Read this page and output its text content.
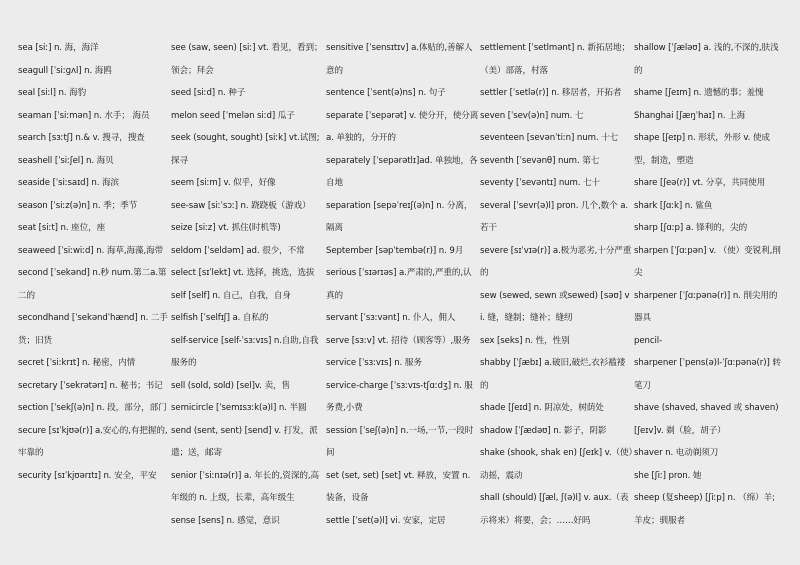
sea [siː] n. 海，海洋

seagull [ˈsiːgʌl] n. 海鸥

seal [siːl] n. 海豹

seaman [ˈsiːmən] n. 水手； 海员

search [sɜːtʃ] n.& v. 搜寻，搜查

seashell [ˈsiːʃel] n. 海贝

seaside [ˈsiːsaɪd] n. 海滨

season [ˈsiːz(ə)n] n. 季；季节

seat [siːt] n. 座位，座

seaweed [ˈsiːwiːd] n. 海草,海藻,海带

second [ˈsekənd] n.秒 num.第二a.第二的

secondhand [ˈsekəndˈhænd] n. 二手货；旧货

secret [ˈsiːkrɪt] n. 秘密，内情

secretary [ˈsekrətərɪ] n. 秘书；书记

section [ˈsekʃ(ə)n] n. 段，部分，部门

secure [sɪˈkjʊə(r)] a.安心的,有把握的,牢靠的

security [sɪˈkjʊərɪtɪ] n. 安全，平安

see (saw, seen) [siː] vt. 看见，看到；领会；拜会

seed [siːd] n. 种子

melon seed [ˈmelən siːd] 瓜子

seek (sought, sought) [siːk] vt.试图; 探寻

seem [siːm] v. 似乎，好像

see-saw [siːˈsɔː] n. 跷跷板（游戏）

seize [siːz] vt. 抓住(时机等)

seldom [ˈseldəm] ad. 很少，不常

select [sɪˈlekt] vt. 选择，挑选，选拔

self [self] n. 自己，自我，自身

selfish [ˈselfɪʃ] a. 自私的

self-service [self-ˈsɜːvɪs] n.自助,自我服务的

sell (sold, sold) [sel]v. 卖，售

semicircle [ˈsemɪsɜːk(ə)l] n. 半圆

send (sent, sent) [send] v. 打发，派遣；送，邮寄

senior [ˈsiːnɪə(r)] a. 年长的,资深的,高年级的 n. 上级，长辈，高年级生

sense [sens] n. 感觉，意识

sensitive [ˈsensɪtɪv] a.体贴的,善解人意的

sentence [ˈsent(ə)ns] n. 句子

separate [ˈsepərət] v. 使分开，使分离a. 单独的，分开的

separately [ˈsepərətlɪ]ad. 单独地，各自地

separation [sepəˈreɪʃ(ə)n] n. 分离，隔离

September [səpˈtembə(r)] n. 9月

serious [ˈsɪərɪəs] a.严肃的,严重的,认真的

servant [ˈsɜːvənt] n. 仆人，佣人

serve [sɜːv] vt. 招待（顾客等）,服务

service [ˈsɜːvɪs] n. 服务

service-charge [ˈsɜːvɪs-tʃɑːdʒ] n. 服务费,小费

session [ˈseʃ(ə)n] n.一场,一节,一段时间

set (set, set) [set] vt. 释放，安置 n. 装备，设备

settle [ˈset(ə)l] vi. 安家，定居

settlement [ˈsetlmənt] n. 新拓居地；（美）部落，村落

settler [ˈsetlə(r)] n. 移居者，开拓者

seven [ˈsev(ə)n] num. 七

seventeen [sevənˈtiːn] num. 十七

seventh [ˈsevənθ] num. 第七

seventy [ˈsevəntɪ] num. 七十

several [ˈsevr(ə)l] pron. 几个,数个 a.若干

severe [sɪˈvɪə(r)] a.极为恶劣,十分严重的

sew (sewed, sewn 或sewed) [səʊ] vi. 缝，缝制；缝补；缝纫

sex [seks] n. 性，性别

shabby [ˈʃæbɪ] a.破旧,破烂,衣衫褴褛的

shade [ʃeɪd] n. 阴凉处，树荫处

shadow [ˈʃædəʊ] n. 影子，阴影

shake (shook, shak en) [ʃeɪk] v.（使）动摇，震动

shall (should) [ʃæl, ʃ(ə)l] v. aux.（表示将来）将要，会；……好吗

shallow [ˈʃæləʊ] a. 浅的,不深的,肤浅的

shame [ʃeɪm] n. 遗憾的事；羞愧

Shanghai [ʃæŋˈhaɪ] n. 上海

shape [ʃeɪp] n. 形状，外形 v. 使成型，制造，塑造

share [ʃeə(r)] vt. 分享，共同使用

shark [ʃɑːk] n. 鲨鱼

sharp [ʃɑːp] a. 锋利的，尖的

sharpen [ˈʃɑːpən] v. （使）变锐利,削尖

sharpener [ˈʃɑːpənə(r)] n. 削尖用的器具

pencil-

sharpener [ˈpens(ə)l-ˈʃɑːpənə(r)] 转笔刀

shave (shaved, shaved 或 shaven) [ʃeɪv]v. 剃（脸，胡子）

shaver n. 电动剃须刀

she [ʃiː] pron. 她

sheep (复sheep) [ʃiːp] n. （绵）羊; 羊皮；驯服者
